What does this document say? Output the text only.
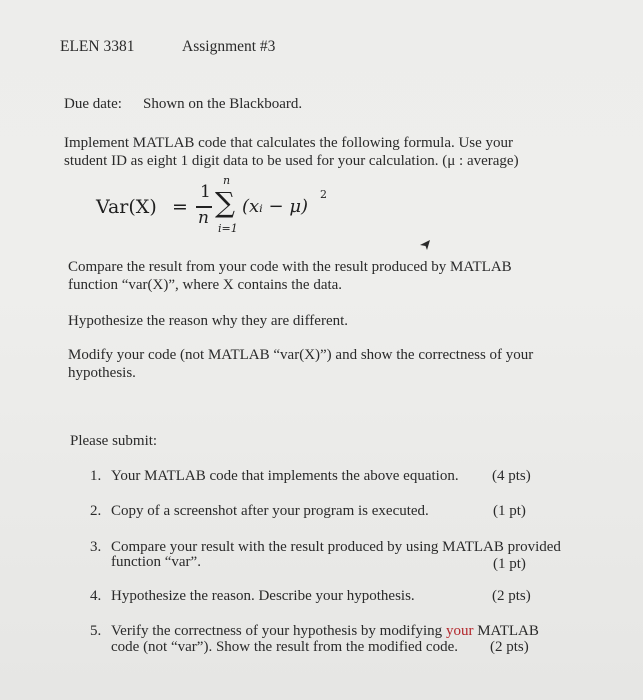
ELEN 3381	Assignment #3
Due date: Shown on the Blackboard.
Implement MATLAB code that calculates the following formula. Use your
student ID as eight 1 digit data to be used for your calculation. (μ : average)
Var(X) =
1
n
n
∑
i=1
(xᵢ − μ)
2
Compare the result from your code with the result produced by MATLAB
function “var(X)”, where X contains the data.
Hypothesize the reason why they are different.
Modify your code (not MATLAB “var(X)”) and show the correctness of your
hypothesis.
Please submit:
1. Your MATLAB code that implements the above equation. (4 pts)
2. Copy of a screenshot after your program is executed.	(1 pt)
3. Compare your result with the result produced by using MATLAB provided
function “var”.	(1 pt)
4. Hypothesize the reason. Describe your hypothesis.	(2 pts)
5. Verify the correctness of your hypothesis by modifying your MATLAB
code (not “var”). Show the result from the modified code. (2 pts)
